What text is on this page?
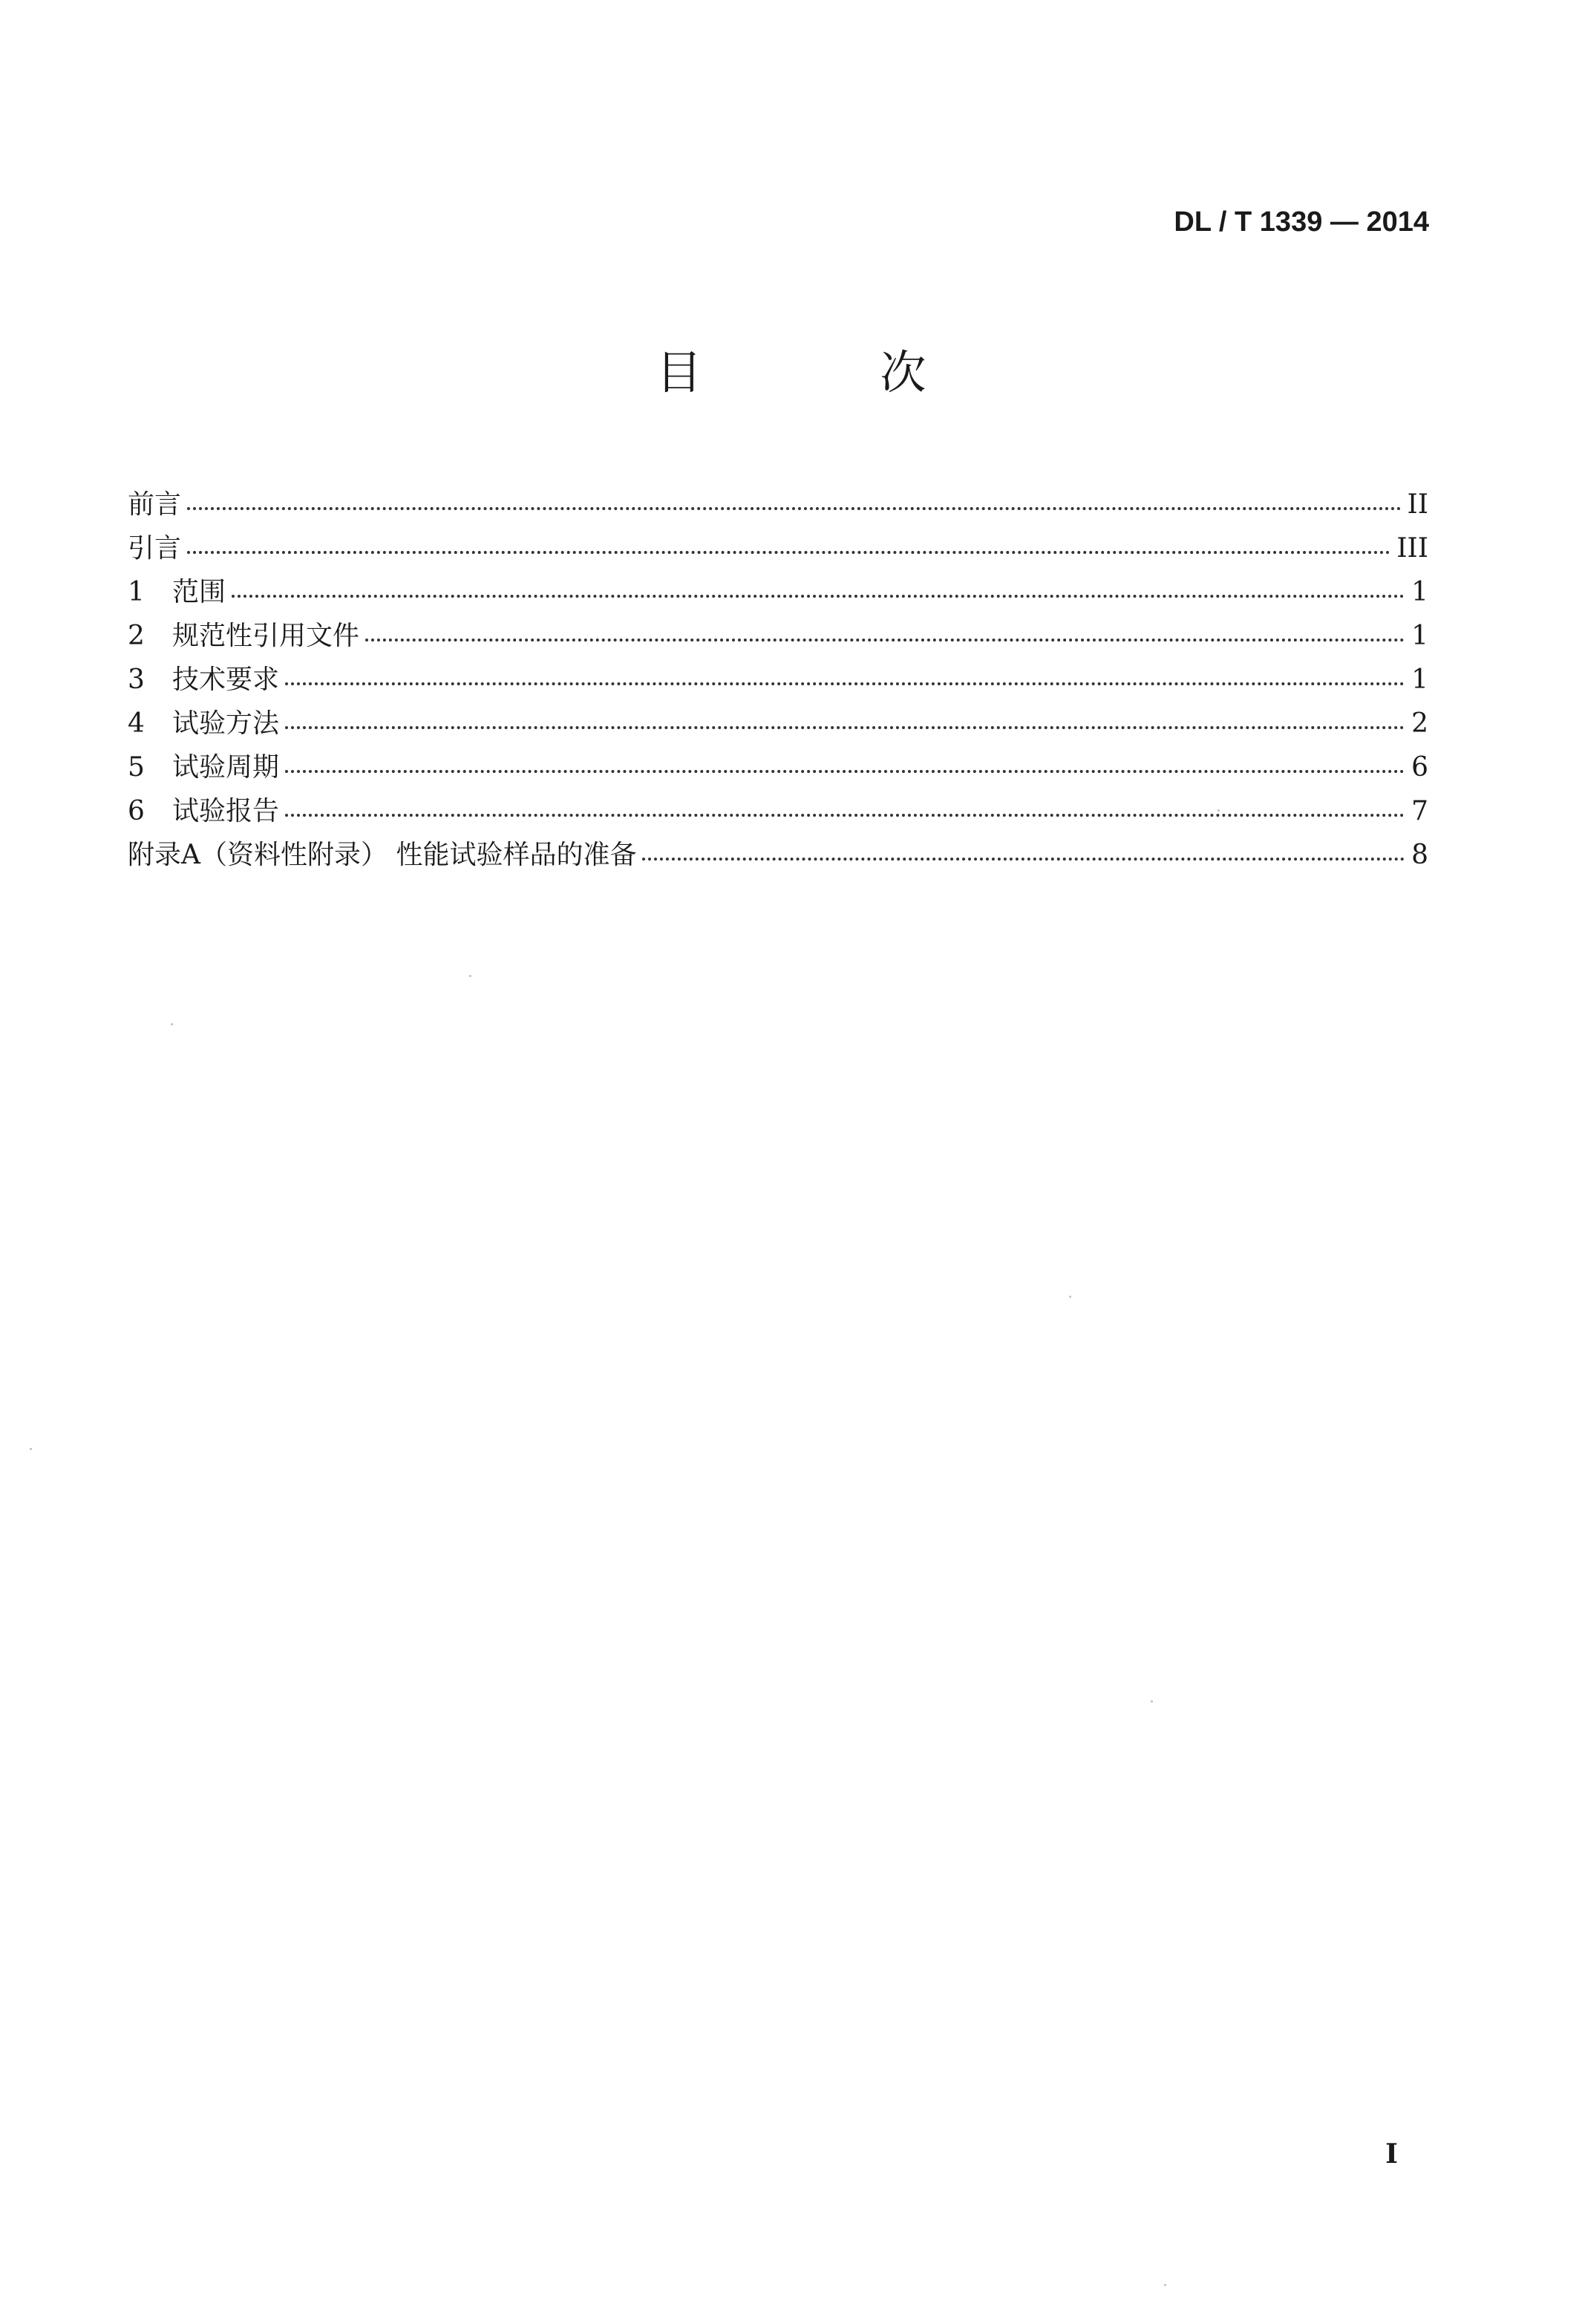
DL / T 1339 — 2014
目 次
前言	II
引言	III
1	范围	1
2	规范性引用文件	1
3	技术要求	1
4	试验方法	2
5	试验周期	6
6	试验报告	7
附录A（资料性附录） 性能试验样品的准备	8
I
